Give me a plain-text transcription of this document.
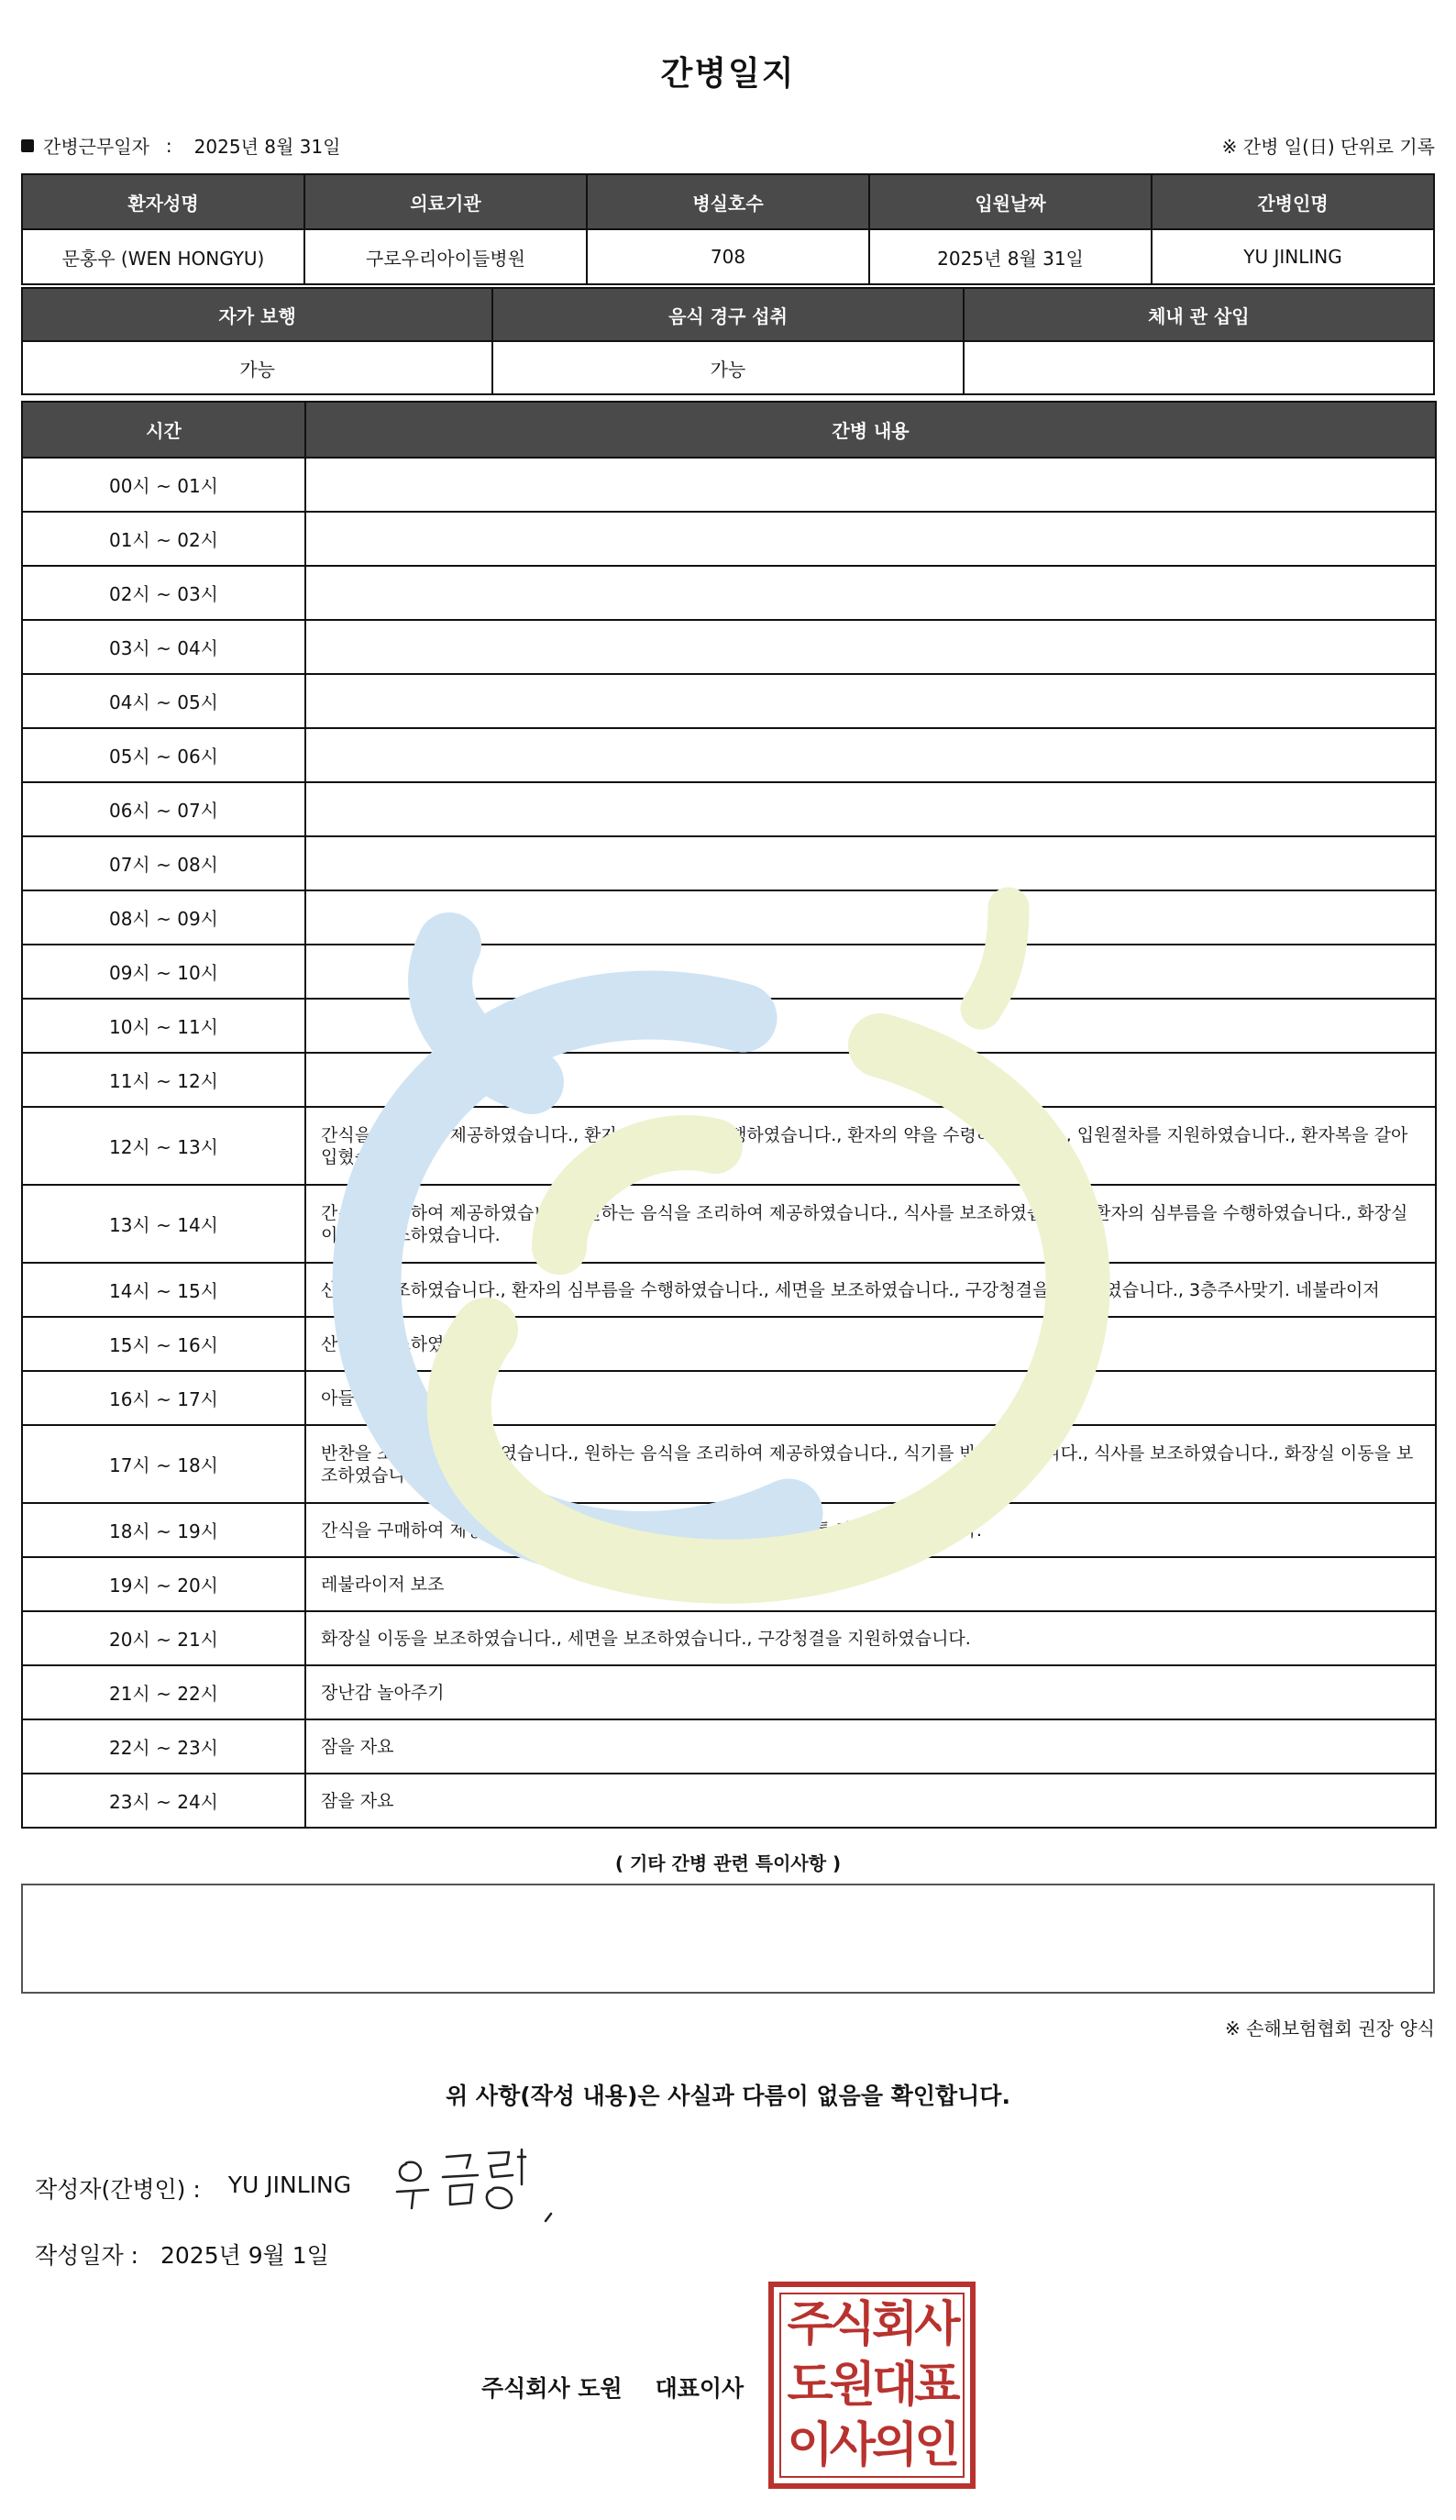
간병일지
간병근무일자 : 2025년 8월 31일	※ 간병 일(日) 단위로 기록
환자성명	의료기관	병실호수	입원날짜	간병인명
문홍우 (WEN HONGYU)	구로우리아이들병원	708	2025년 8월 31일	YU JINLING
자가 보행	음식 경구 섭취	체내 관 삽입
가능	가능	
시간	간병 내용
00시 ~ 01시	
01시 ~ 02시	
02시 ~ 03시	
03시 ~ 04시	
04시 ~ 05시	
05시 ~ 06시	
06시 ~ 07시	
07시 ~ 08시	
08시 ~ 09시	
09시 ~ 10시	
10시 ~ 11시	
11시 ~ 12시	
12시 ~ 13시	간식을 구매하여 제공하였습니다., 환자의 심부름을 수행하였습니다., 환자의 약을 수령하였습니다., 입원절차를 지원하였습니다., 환자복을 갈아입혔습니다.
13시 ~ 14시	간식을 구매하여 제공하였습니다., 원하는 음식을 조리하여 제공하였습니다., 식사를 보조하였습니다., 환자의 심부름을 수행하였습니다., 화장실 이동을 보조하였습니다.
14시 ~ 15시	산책을 보조하였습니다., 환자의 심부름을 수행하였습니다., 세면을 보조하였습니다., 구강청결을 지원하였습니다., 3층주사맞기. 네불라이저
15시 ~ 16시	산책을 보조하였습니다.
16시 ~ 17시	아들이자다
17시 ~ 18시	반찬을 조리하여 제공하였습니다., 원하는 음식을 조리하여 제공하였습니다., 식기를 반납하였습니다., 식사를 보조하였습니다., 화장실 이동을 보조하였습니다.
18시 ~ 19시	간식을 구매하여 제공하였습니다., 산책을 보조하였습니다., 손·발톱 관리를 하였습니다.
19시 ~ 20시	레불라이저 보조
20시 ~ 21시	화장실 이동을 보조하였습니다., 세면을 보조하였습니다., 구강청결을 지원하였습니다.
21시 ~ 22시	장난감 놀아주기
22시 ~ 23시	잠을 자요
23시 ~ 24시	잠을 자요
( 기타 간병 관련 특이사항 )
※ 손해보험협회 권장 양식
위 사항(작성 내용)은 사실과 다름이 없음을 확인합니다.
작성자(간병인) : YU JINLING
작성일자 : 2025년 9월 1일
주식회사 도원 대표이사
주식회사
도원대표
이사의인
